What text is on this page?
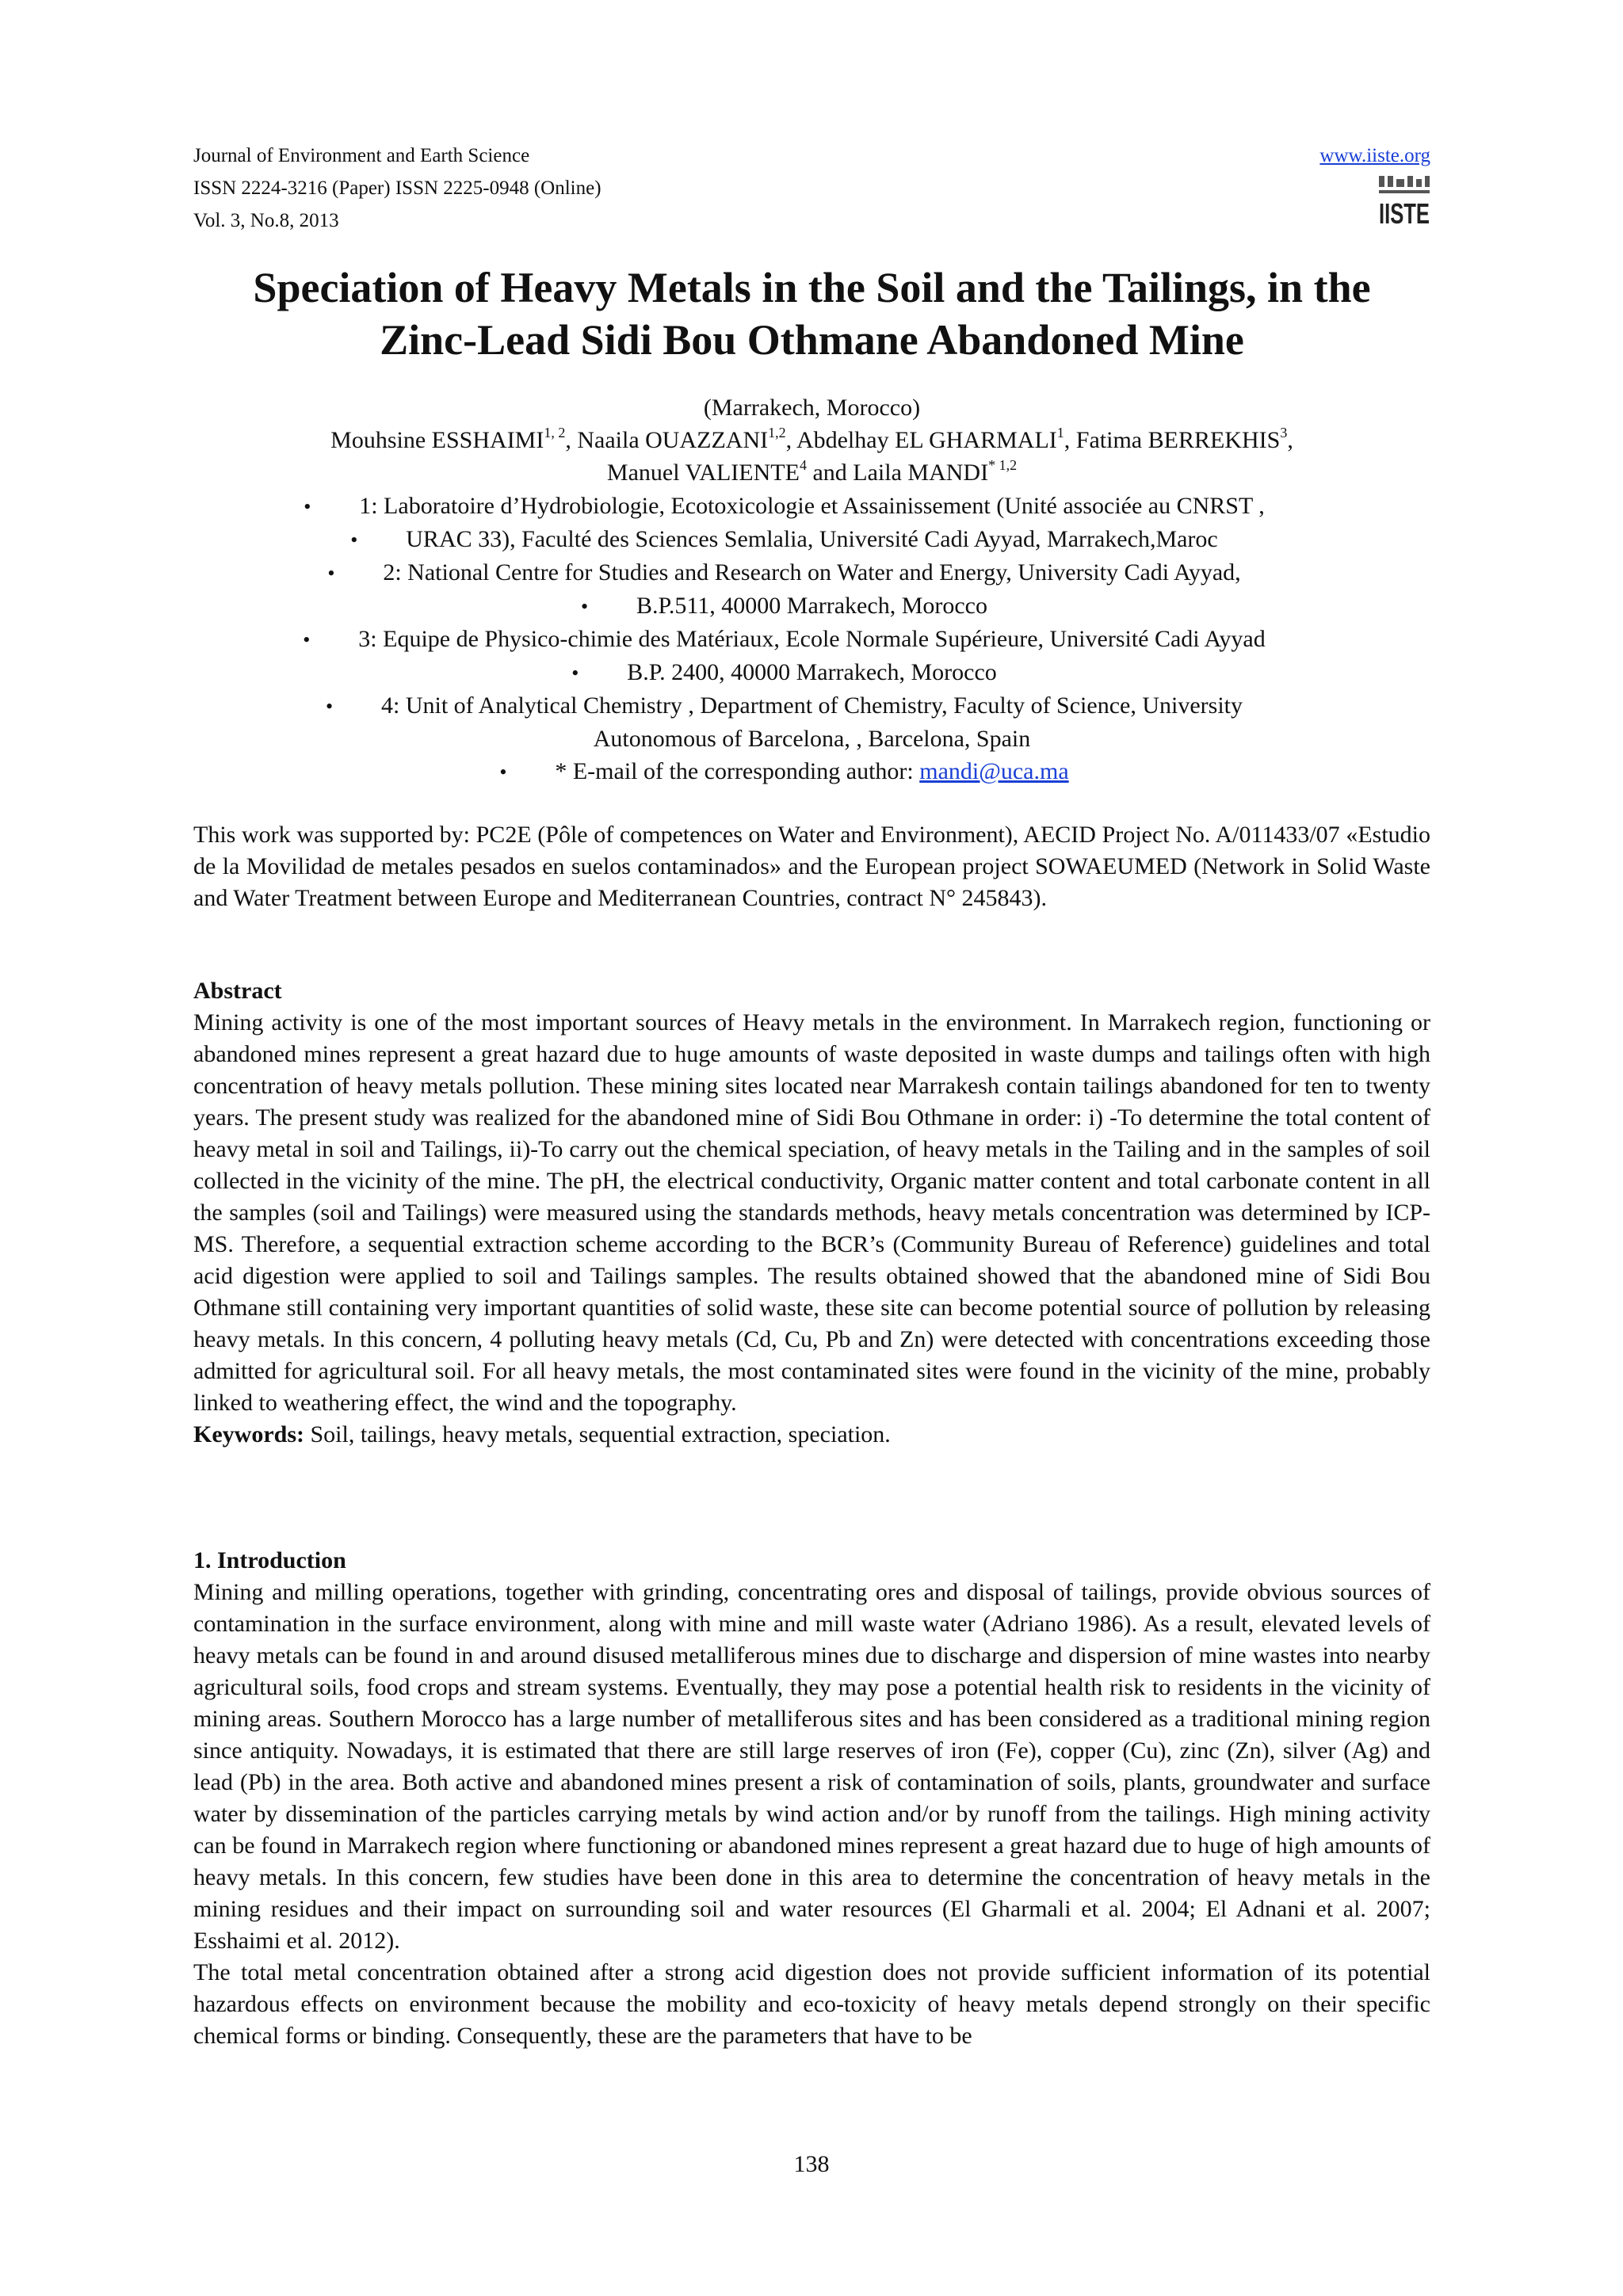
Journal of Environment and Earth Science
ISSN 2224-3216 (Paper) ISSN 2225-0948 (Online)
Vol. 3, No.8, 2013
www.iiste.org
IISTE
Speciation of Heavy Metals in the Soil and the Tailings, in the
Zinc-Lead Sidi Bou Othmane Abandoned Mine

(Marrakech, Morocco)

Mouhsine ESSHAIMI$^{1, 2}$, Naaila OUAZZANI$^{1,2}$, Abdelhay EL GHARMALI$^1$, Fatima BERREKHIS$^3$,

Manuel VALIENTE$^4$ and Laila MANDI$^{* 1,2}$

• 1: Laboratoire d’Hydrobiologie, Ecotoxicologie et Assainissement (Unité associée au CNRST ,

• URAC 33), Faculté des Sciences Semlalia, Université Cadi Ayyad, Marrakech,Maroc

• 2: National Centre for Studies and Research on Water and Energy, University Cadi Ayyad,

• B.P.511, 40000 Marrakech, Morocco

• 3: Equipe de Physico-chimie des Matériaux, Ecole Normale Supérieure, Université Cadi Ayyad

• B.P. 2400, 40000 Marrakech, Morocco

• 4: Unit of Analytical Chemistry , Department of Chemistry, Faculty of Science, University

Autonomous of Barcelona, , Barcelona, Spain

• * E-mail of the corresponding author: mandi@uca.ma

This work was supported by: PC2E (Pôle of competences on Water and Environment), AECID Project No. A/011433/07 «Estudio de la Movilidad de metales pesados en suelos contaminados» and the European project SOWAEUMED (Network in Solid Waste and Water Treatment between Europe and Mediterranean Countries, contract N° 245843).

Abstract

Mining activity is one of the most important sources of Heavy metals in the environment. In Marrakech region, functioning or abandoned mines represent a great hazard due to huge amounts of waste deposited in waste dumps and tailings often with high concentration of heavy metals pollution. These mining sites located near Marrakesh contain tailings abandoned for ten to twenty years. The present study was realized for the abandoned mine of Sidi Bou Othmane in order: i) -To determine the total content of heavy metal in soil and Tailings, ii)-To carry out the chemical speciation, of heavy metals in the Tailing and in the samples of soil collected in the vicinity of the mine. The pH, the electrical conductivity, Organic matter content and total carbonate content in all the samples (soil and Tailings) were measured using the standards methods, heavy metals concentration was determined by ICP-MS. Therefore, a sequential extraction scheme according to the BCR’s (Community Bureau of Reference) guidelines and total acid digestion were applied to soil and Tailings samples. The results obtained showed that the abandoned mine of Sidi Bou Othmane still containing very important quantities of solid waste, these site can become potential source of pollution by releasing heavy metals. In this concern, 4 polluting heavy metals (Cd, Cu, Pb and Zn) were detected with concentrations exceeding those admitted for agricultural soil. For all heavy metals, the most contaminated sites were found in the vicinity of the mine, probably linked to weathering effect, the wind and the topography.

Keywords: Soil, tailings, heavy metals, sequential extraction, speciation.

1. Introduction

Mining and milling operations, together with grinding, concentrating ores and disposal of tailings, provide obvious sources of contamination in the surface environment, along with mine and mill waste water (Adriano 1986). As a result, elevated levels of heavy metals can be found in and around disused metalliferous mines due to discharge and dispersion of mine wastes into nearby agricultural soils, food crops and stream systems. Eventually, they may pose a potential health risk to residents in the vicinity of mining areas. Southern Morocco has a large number of metalliferous sites and has been considered as a traditional mining region since antiquity. Nowadays, it is estimated that there are still large reserves of iron (Fe), copper (Cu), zinc (Zn), silver (Ag) and lead (Pb) in the area. Both active and abandoned mines present a risk of contamination of soils, plants, groundwater and surface water by dissemination of the particles carrying metals by wind action and/or by runoff from the tailings. High mining activity can be found in Marrakech region where functioning or abandoned mines represent a great hazard due to huge of high amounts of heavy metals. In this concern, few studies have been done in this area to determine the concentration of heavy metals in the mining residues and their impact on surrounding soil and water resources (El Gharmali et al. 2004; El Adnani et al. 2007; Esshaimi et al. 2012).

The total metal concentration obtained after a strong acid digestion does not provide sufficient information of its potential hazardous effects on environment because the mobility and eco-toxicity of heavy metals depend strongly on their specific chemical forms or binding. Consequently, these are the parameters that have to be

138
